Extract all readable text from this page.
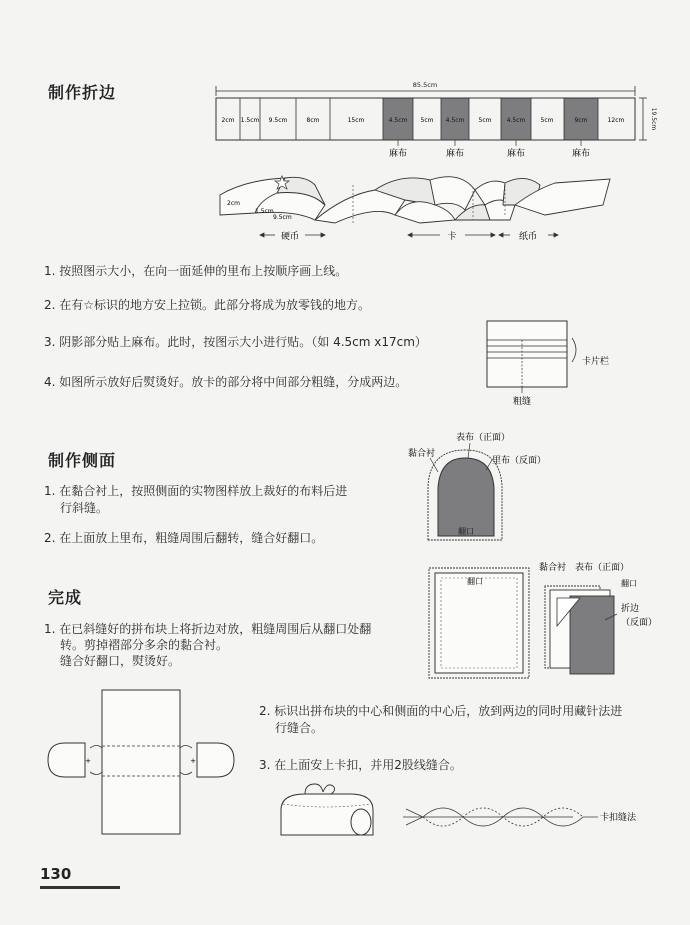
制作折边	85.5cm
19.5cm
2cm 1.5cm 9.5cm	8cm	15cm	4.5cm 5cm 4.5cm 5cm	4.5cm	5cm	9cm	12cm
麻布	麻布	麻布	麻布
2cm
1.5cm
9.5cm
硬币	卡	纸币
1. 按照图示大小，在向一面延伸的里布上按顺序画上线。
2. 在有☆标识的地方安上拉锁。此部分将成为放零钱的地方。
3. 阴影部分贴上麻布。此时，按图示大小进行贴。（如 4.5cm x17cm）
4. 如图所示放好后熨烫好。放卡的部分将中间部分粗缝，分成两边。
卡片栏
粗缝
制作侧面
1. 在黏合衬上，按照侧面的实物图样放上裁好的布料后进
行斜缝。
2. 在上面放上里布，粗缝周围后翻转，缝合好翻口。
黏合衬
表布（正面）
里布（反面）
翻口
完成
1. 在已斜缝好的拼布块上将折边对放，粗缝周围后从翻口处翻
转。剪掉褶部分多余的黏合衬。
缝合好翻口，熨烫好。
2. 标识出拼布块的中心和侧面的中心后，放到两边的同时用藏针法进
行缝合。
3. 在上面安上卡扣，并用2股线缝合。
翻口
黏合衬 表布（正面）
翻口
折边
（反面）
+	+
卡扣缝法
130
